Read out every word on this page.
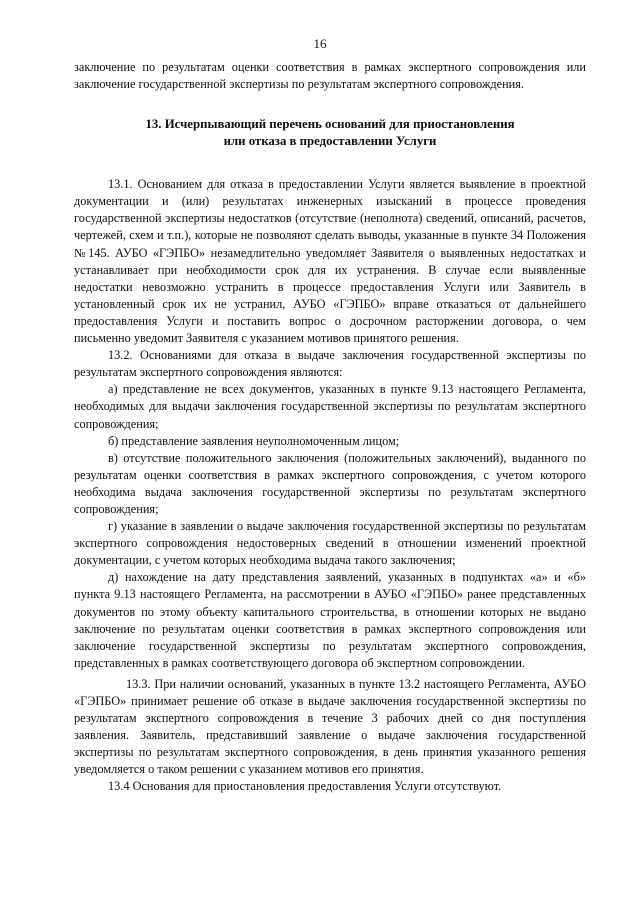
16

заключение по результатам оценки соответствия в рамках экспертного сопровождения или заключение государственной экспертизы по результатам экспертного сопровождения.

13. Исчерпывающий перечень оснований для приостановления
или отказа в предоставлении Услуги

13.1. Основанием для отказа в предоставлении Услуги является выявление в проектной документации и (или) результатах инженерных изысканий в процессе проведения государственной экспертизы недостатков (отсутствие (неполнота) сведений, описаний, расчетов, чертежей, схем и т.п.), которые не позволяют сделать выводы, указанные в пункте 34 Положения №145. АУБО «ГЭПБО» незамедлительно уведомляет Заявителя о выявленных недостатках и устанавливает при необходимости срок для их устранения. В случае если выявленные недостатки невозможно устранить в процессе предоставления Услуги или Заявитель в установленный срок их не устранил, АУБО «ГЭПБО» вправе отказаться от дальнейшего предоставления Услуги и поставить вопрос о досрочном расторжении договора, о чем письменно уведомит Заявителя с указанием мотивов принятого решения.

13.2. Основаниями для отказа в выдаче заключения государственной экспертизы по результатам экспертного сопровождения являются:

а) представление не всех документов, указанных в пункте 9.13 настоящего Регламента, необходимых для выдачи заключения государственной экспертизы по результатам экспертного сопровождения;

б) представление заявления неуполномоченным лицом;

в) отсутствие положительного заключения (положительных заключений), выданного по результатам оценки соответствия в рамках экспертного сопровождения, с учетом которого необходима выдача заключения государственной экспертизы по результатам экспертного сопровождения;

г) указание в заявлении о выдаче заключения государственной экспертизы по результатам экспертного сопровождения недостоверных сведений в отношении изменений проектной документации, с учетом которых необходима выдача такого заключения;

д) нахождение на дату представления заявлений, указанных в подпунктах «а» и «б» пункта 9.13 настоящего Регламента, на рассмотрении в АУБО «ГЭПБО» ранее представленных документов по этому объекту капитального строительства, в отношении которых не выдано заключение по результатам оценки соответствия в рамках экспертного сопровождения или заключение государственной экспертизы по результатам экспертного сопровождения, представленных в рамках соответствующего договора об экспертном сопровождении.

13.3. При наличии оснований, указанных в пункте 13.2 настоящего Регламента, АУБО «ГЭПБО» принимает решение об отказе в выдаче заключения государственной экспертизы по результатам экспертного сопровождения в течение 3 рабочих дней со дня поступления заявления. Заявитель, представивший заявление о выдаче заключения государственной экспертизы по результатам экспертного сопровождения, в день принятия указанного решения уведомляется о таком решении с указанием мотивов его принятия.

13.4 Основания для приостановления предоставления Услуги отсутствуют.
